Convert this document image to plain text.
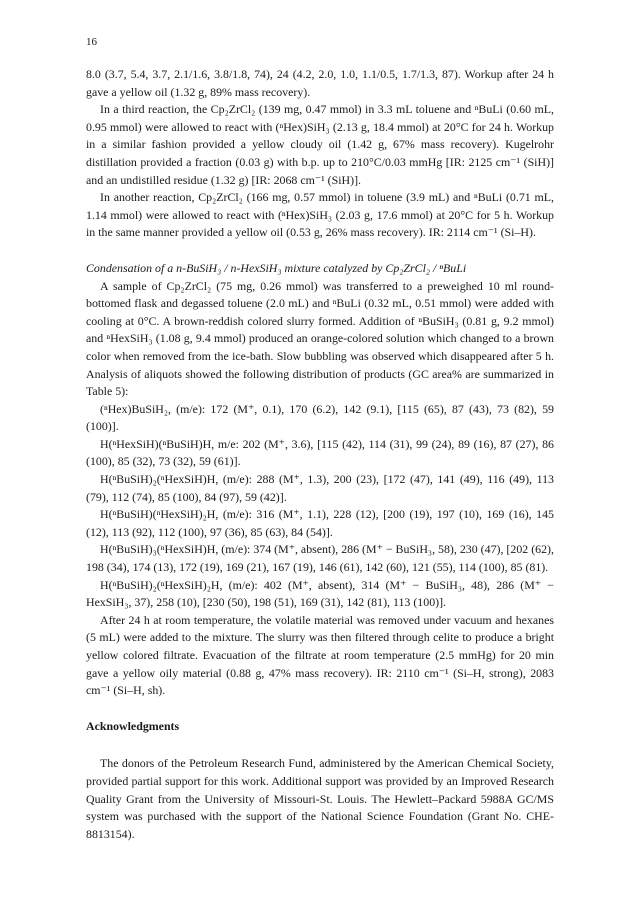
16

8.0 (3.7, 5.4, 3.7, 2.1/1.6, 3.8/1.8, 74), 24 (4.2, 2.0, 1.0, 1.1/0.5, 1.7/1.3, 87). Workup after 24 h gave a yellow oil (1.32 g, 89% mass recovery).

In a third reaction, the Cp₂ZrCl₂ (139 mg, 0.47 mmol) in 3.3 mL toluene and ⁿBuLi (0.60 mL, 0.95 mmol) were allowed to react with (ⁿHex)SiH₃ (2.13 g, 18.4 mmol) at 20°C for 24 h. Workup in a similar fashion provided a yellow cloudy oil (1.42 g, 67% mass recovery). Kugelrohr distillation provided a fraction (0.03 g) with b.p. up to 210°C/0.03 mmHg [IR: 2125 cm⁻¹ (SiH)] and an undistilled residue (1.32 g) [IR: 2068 cm⁻¹ (SiH)].

In another reaction, Cp₂ZrCl₂ (166 mg, 0.57 mmol) in toluene (3.9 mL) and ⁿBuLi (0.71 mL, 1.14 mmol) were allowed to react with (ⁿHex)SiH₃ (2.03 g, 17.6 mmol) at 20°C for 5 h. Workup in the same manner provided a yellow oil (0.53 g, 26% mass recovery). IR: 2114 cm⁻¹ (Si–H).

Condensation of a n-BuSiH₃ / n-HexSiH₃ mixture catalyzed by Cp₂ZrCl₂ / ⁿBuLi

A sample of Cp₂ZrCl₂ (75 mg, 0.26 mmol) was transferred to a preweighed 10 ml round-bottomed flask and degassed toluene (2.0 mL) and ⁿBuLi (0.32 mL, 0.51 mmol) were added with cooling at 0°C. A brown-reddish colored slurry formed. Addition of ⁿBuSiH₃ (0.81 g, 9.2 mmol) and ⁿHexSiH₃ (1.08 g, 9.4 mmol) produced an orange-colored solution which changed to a brown color when removed from the ice-bath. Slow bubbling was observed which disappeared after 5 h. Analysis of aliquots showed the following distribution of products (GC area% are summarized in Table 5):

(ⁿHex)BuSiH₂, (m/e): 172 (M⁺, 0.1), 170 (6.2), 142 (9.1), [115 (65), 87 (43), 73 (82), 59 (100)].

H(ⁿHexSiH)(ⁿBuSiH)H, m/e: 202 (M⁺, 3.6), [115 (42), 114 (31), 99 (24), 89 (16), 87 (27), 86 (100), 85 (32), 73 (32), 59 (61)].

H(ⁿBuSiH)₂(ⁿHexSiH)H, (m/e): 288 (M⁺, 1.3), 200 (23), [172 (47), 141 (49), 116 (49), 113 (79), 112 (74), 85 (100), 84 (97), 59 (42)].

H(ⁿBuSiH)(ⁿHexSiH)₂H, (m/e): 316 (M⁺, 1.1), 228 (12), [200 (19), 197 (10), 169 (16), 145 (12), 113 (92), 112 (100), 97 (36), 85 (63), 84 (54)].

H(ⁿBuSiH)₃(ⁿHexSiH)H, (m/e): 374 (M⁺, absent), 286 (M⁺ − BuSiH₃, 58), 230 (47), [202 (62), 198 (34), 174 (13), 172 (19), 169 (21), 167 (19), 146 (61), 142 (60), 121 (55), 114 (100), 85 (81).

H(ⁿBuSiH)₂(ⁿHexSiH)₂H, (m/e): 402 (M⁺, absent), 314 (M⁺ − BuSiH₃, 48), 286 (M⁺ − HexSiH₃, 37), 258 (10), [230 (50), 198 (51), 169 (31), 142 (81), 113 (100)].

After 24 h at room temperature, the volatile material was removed under vacuum and hexanes (5 mL) were added to the mixture. The slurry was then filtered through celite to produce a bright yellow colored filtrate. Evacuation of the filtrate at room temperature (2.5 mmHg) for 20 min gave a yellow oily material (0.88 g, 47% mass recovery). IR: 2110 cm⁻¹ (Si–H, strong), 2083 cm⁻¹ (Si–H, sh).

Acknowledgments

The donors of the Petroleum Research Fund, administered by the American Chemical Society, provided partial support for this work. Additional support was provided by an Improved Research Quality Grant from the University of Missouri-St. Louis. The Hewlett–Packard 5988A GC/MS system was purchased with the support of the National Science Foundation (Grant No. CHE-8813154).
